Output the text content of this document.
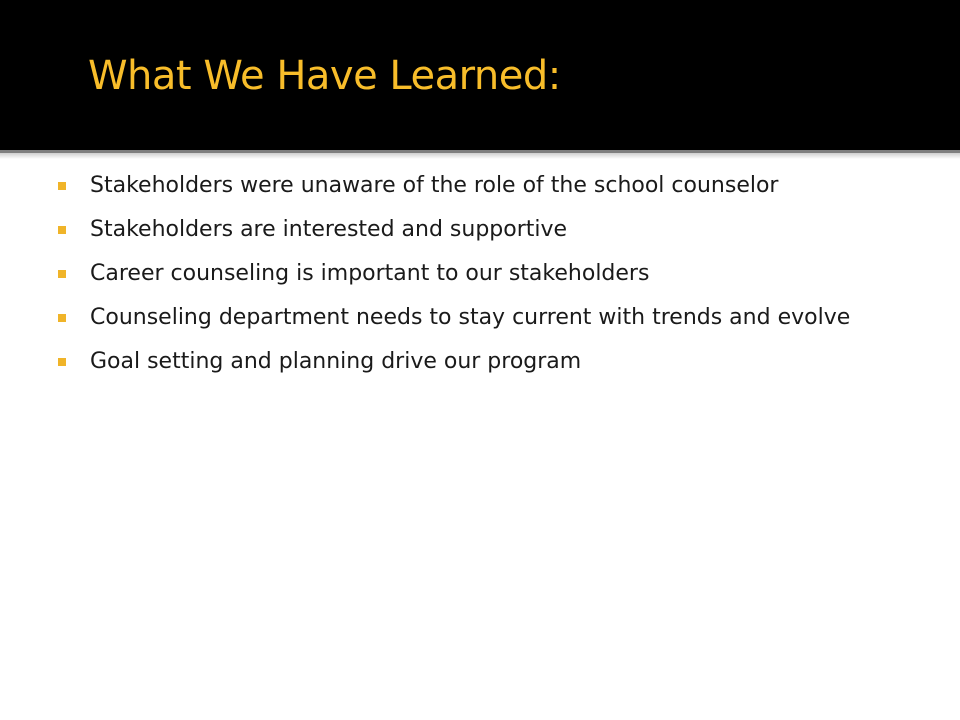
What We Have Learned:
Stakeholders were unaware of the role of the school counselor
Stakeholders are interested and supportive
Career counseling is important to our stakeholders
Counseling department needs to stay current with trends and evolve
Goal setting and planning drive our program
